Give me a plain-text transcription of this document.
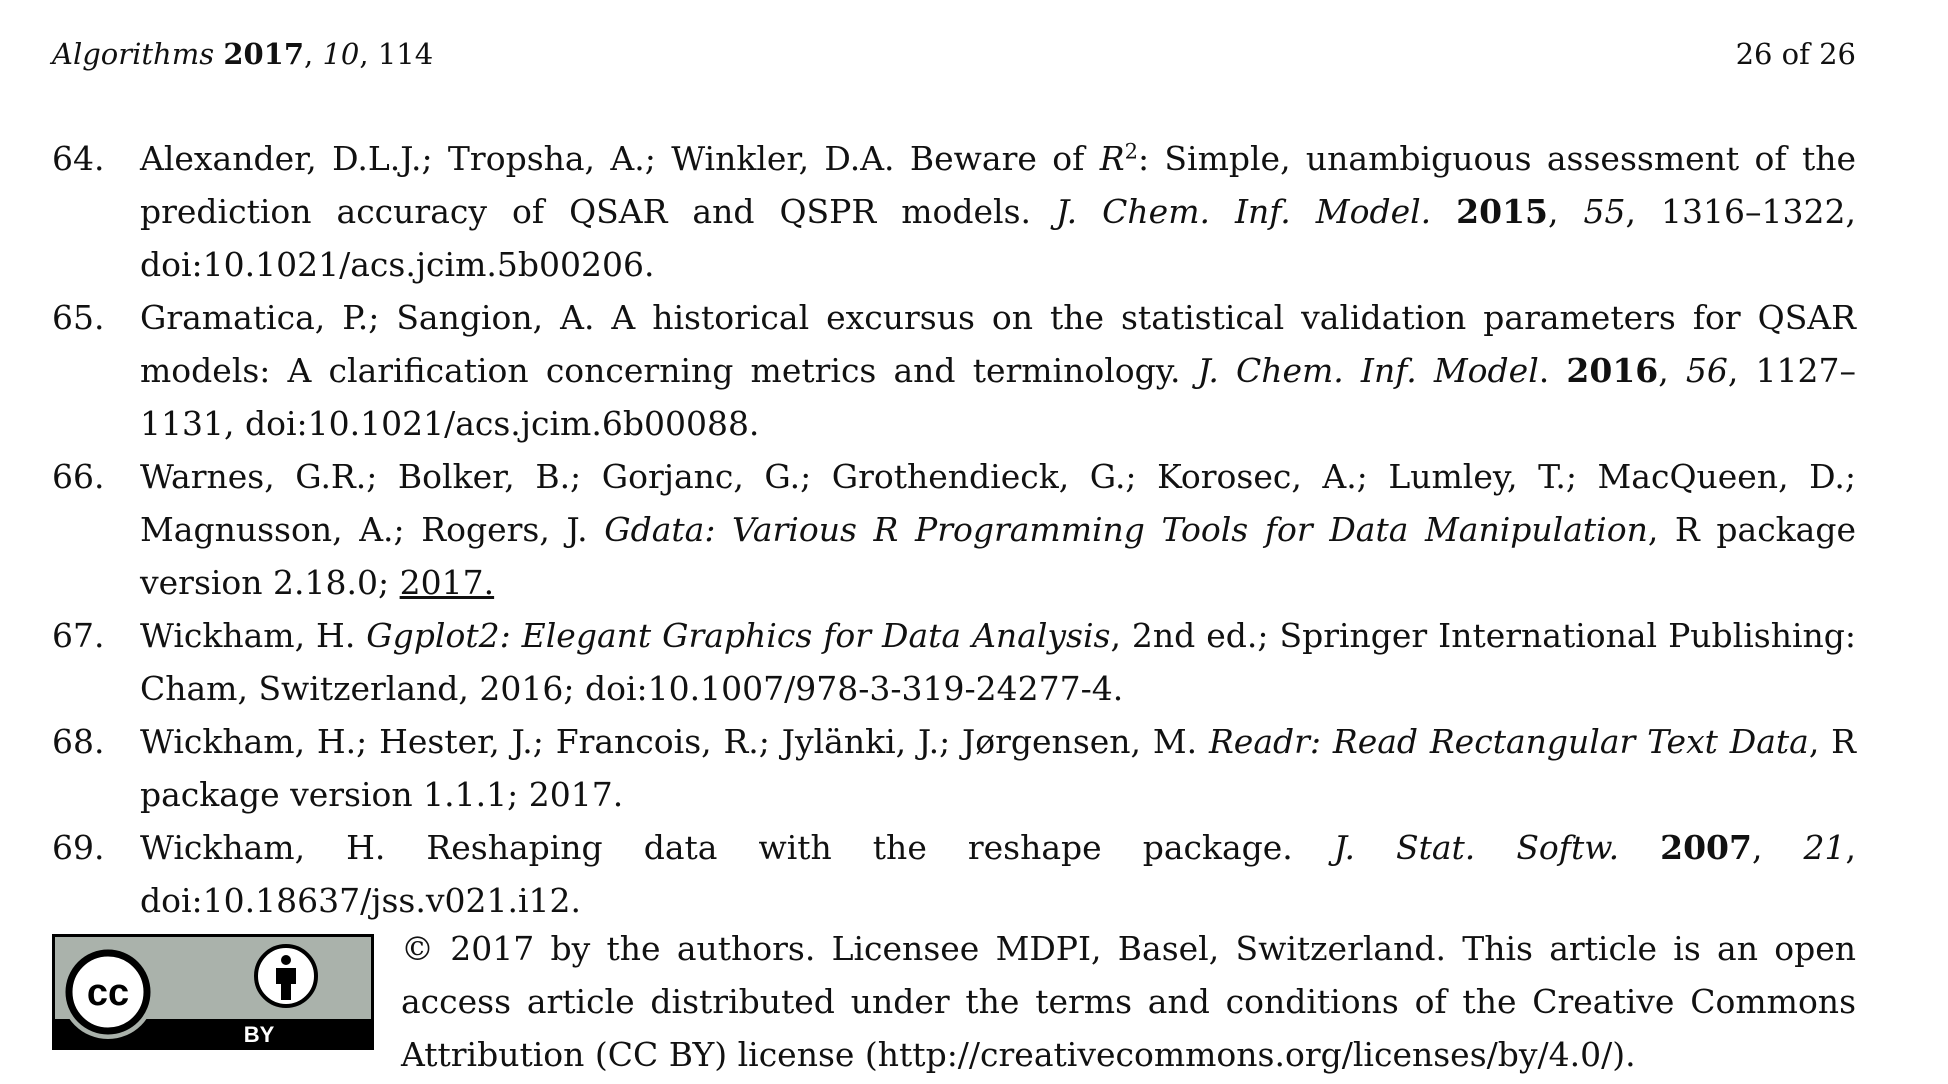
Algorithms 2017, 10, 114	26 of 26
64.	Alexander, D.L.J.; Tropsha, A.; Winkler, D.A. Beware of $R^2$: Simple, unambiguous assessment of the prediction accuracy of QSAR and QSPR models. J. Chem. Inf. Model. 2015, 55, 1316–1322, doi:10.1021/acs.jcim.5b00206.
65.	Gramatica, P.; Sangion, A. A historical excursus on the statistical validation parameters for QSAR models: A clarification concerning metrics and terminology. J. Chem. Inf. Model. 2016, 56, 1127–1131, doi:10.1021/acs.jcim.6b00088.
66.	Warnes, G.R.; Bolker, B.; Gorjanc, G.; Grothendieck, G.; Korosec, A.; Lumley, T.; MacQueen, D.; Magnusson, A.; Rogers, J. Gdata: Various R Programming Tools for Data Manipulation, R package version 2.18.0; 2017.
67.	Wickham, H. Ggplot2: Elegant Graphics for Data Analysis, 2nd ed.; Springer International Publishing: Cham, Switzerland, 2016; doi:10.1007/978-3-319-24277-4.
68.	Wickham, H.; Hester, J.; Francois, R.; Jylänki, J.; Jørgensen, M. Readr: Read Rectangular Text Data, R package version 1.1.1; 2017.
69.	Wickham, H. Reshaping data with the reshape package. J. Stat. Softw. 2007, 21, doi:10.18637/jss.v021.i12.
cc
BY
© 2017 by the authors. Licensee MDPI, Basel, Switzerland. This article is an open access article distributed under the terms and conditions of the Creative Commons Attribution (CC BY) license (http://creativecommons.org/licenses/by/4.0/).
